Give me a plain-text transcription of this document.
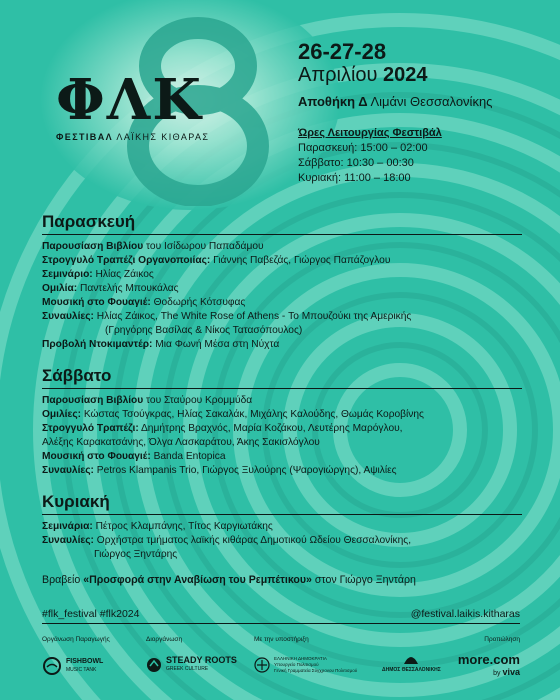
ΦΛΚ
ΦΕΣΤΙΒΑΛ ΛΑΪΚΗΣ ΚΙΘΑΡΑΣ
26-27-28
Απριλίου 2024
Αποθήκη Δ Λιμάνι Θεσσαλονίκης
Ώρες Λειτουργίας Φεστιβάλ
Παρασκευή: 15:00 – 02:00
Σάββατο: 10:30 – 00:30
Κυριακή: 11:00 – 18:00
Παρασκευή
Παρουσίαση Βιβλίου του Ισίδωρου Παπαδάμου
Στρογγυλό Τραπέζι Οργανοποιίας: Γιάννης Παβεζάς, Γιώργος Παπάζογλου
Σεμινάριο: Ηλίας Ζάικος
Ομιλία: Παντελής Μπουκάλας
Μουσική στο Φουαγιέ: Θοδωρής Κότσυφας
Συναυλίες: Ηλίας Ζάικος, The White Rose of Athens - Το Μπουζούκι της Αμερικής
(Γρηγόρης Βασίλας & Νίκος Τατασόπουλος)
Προβολή Ντοκιμαντέρ: Μια Φωνή Μέσα στη Νύχτα
Σάββατο
Παρουσίαση Βιβλίου του Σταύρου Κρομμύδα
Ομιλίες: Κώστας Τσούγκρας, Ηλίας Σακαλάκ, Μιχάλης Καλούδης, Θωμάς Κοροβίνης
Στρογγυλό Τραπέζι: Δημήτρης Βραχνός, Μαρία Κοζάκου, Λευτέρης Μαρόγλου,
Αλέξης Καρακατσάνης, Όλγα Λασκαράτου, Άκης Σακισλόγλου
Μουσική στο Φουαγιέ: Banda Entopica
Συναυλίες: Petros Klampanis Trio, Γιώργος Ξυλούρης (Ψαρογιώργης), Αψιλίες
Κυριακή
Σεμινάρια: Πέτρος Κλαμπάνης, Τίτος Καργιωτάκης
Συναυλίες: Ορχήστρα τμήματος λαϊκής κιθάρας Δημοτικού Ωδείου Θεσσαλονίκης,
Γιώργος Ξηντάρης
Βραβείο «Προσφορά στην Αναβίωση του Ρεμπέτικου» στον Γιώργο Ξηντάρη
#flk_festival #flk2024	@festival.laikis.kitharas
Οργάνωση Παραγωγής
FISHBOWL
MUSIC TANK
Διοργάνωση
STEADY ROOTS
GREEK CULTURE
Με την υποστήριξη
ΕΛΛΗΝΙΚΗ ΔΗΜΟΚΡΑΤΙΑ
Υπουργείο Πολιτισμού
Γενική Γραμματεία Σύγχρονου Πολιτισμού	ΔΗΜΟΣ ΘΕΣΣΑΛΟΝΙΚΗΣ
Προπώληση
more.com
by viva
